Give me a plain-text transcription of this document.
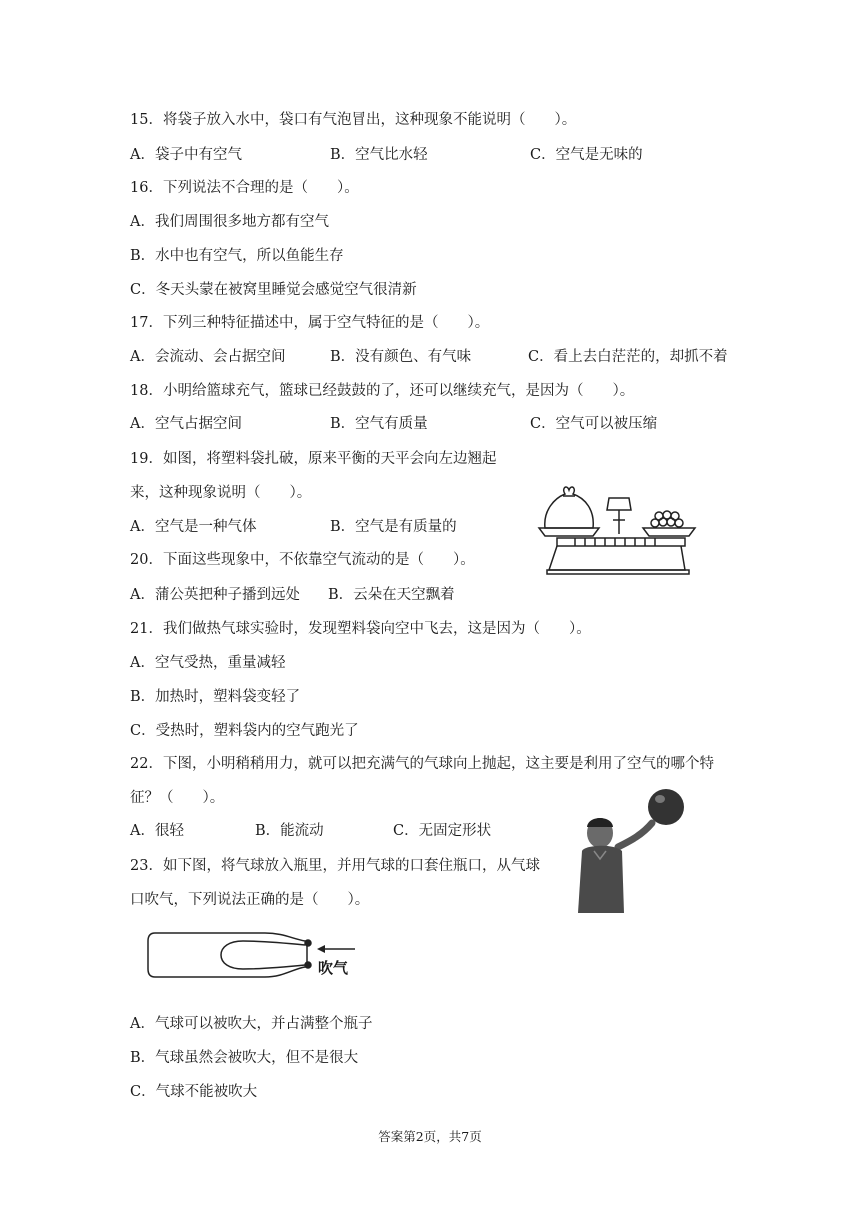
15．将袋子放入水中，袋口有气泡冒出，这种现象不能说明（　　）。
A．袋子中有空气	B．空气比水轻	C．空气是无味的
16．下列说法不合理的是（　　）。
A．我们周围很多地方都有空气
B．水中也有空气，所以鱼能生存
C．冬天头蒙在被窝里睡觉会感觉空气很清新
17．下列三种特征描述中，属于空气特征的是（　　）。
A．会流动、会占据空间	B．没有颜色、有气味	C．看上去白茫茫的，却抓不着
18．小明给篮球充气，篮球已经鼓鼓的了，还可以继续充气，是因为（　　）。
A．空气占据空间	B．空气有质量	C．空气可以被压缩
19．如图，将塑料袋扎破，原来平衡的天平会向左边翘起
来，这种现象说明（　　）。
A．空气是一种气体	B．空气是有质量的
20．下面这些现象中，不依靠空气流动的是（　　）。
A．蒲公英把种子播到远处 B．云朵在天空飘着
21．我们做热气球实验时，发现塑料袋向空中飞去，这是因为（　　）。
A．空气受热，重量减轻
B．加热时，塑料袋变轻了
C．受热时，塑料袋内的空气跑光了
22．下图，小明稍稍用力，就可以把充满气的气球向上抛起，这主要是利用了空气的哪个特
征？（　　）。
A．很轻	B．能流动	C．无固定形状
23．如下图，将气球放入瓶里，并用气球的口套住瓶口，从气球
口吹气，下列说法正确的是（　　）。
吹气
A．气球可以被吹大，并占满整个瓶子
B．气球虽然会被吹大，但不是很大
C．气球不能被吹大
答案第2页，共7页
